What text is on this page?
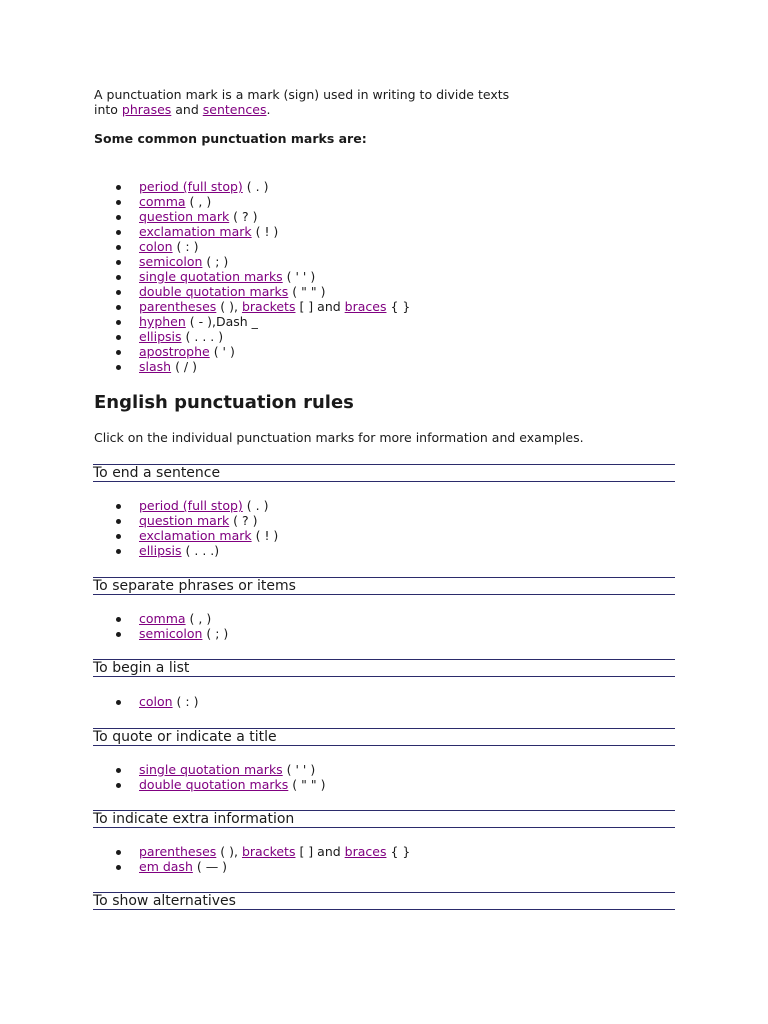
A punctuation mark is a mark (sign) used in writing to divide texts

into phrases and sentences.

Some common punctuation marks are:
period (full stop) ( . )
comma ( , )
question mark ( ? )
exclamation mark ( ! )
colon ( : )
semicolon ( ; )
single quotation marks ( ' ' )
double quotation marks ( " " )
parentheses ( ), brackets [ ] and braces { }
hyphen ( - ),Dash _
ellipsis ( . . . )
apostrophe ( ' )
slash ( / )
English punctuation rules

Click on the individual punctuation marks for more information and examples.

To end a sentence
period (full stop) ( . )
question mark ( ? )
exclamation mark ( ! )
ellipsis ( . . .)
To separate phrases or items
comma ( , )
semicolon ( ; )
To begin a list
colon ( : )
To quote or indicate a title
single quotation marks ( ' ' )
double quotation marks ( " " )
To indicate extra information
parentheses ( ), brackets [ ] and braces { }
em dash ( — )
To show alternatives
